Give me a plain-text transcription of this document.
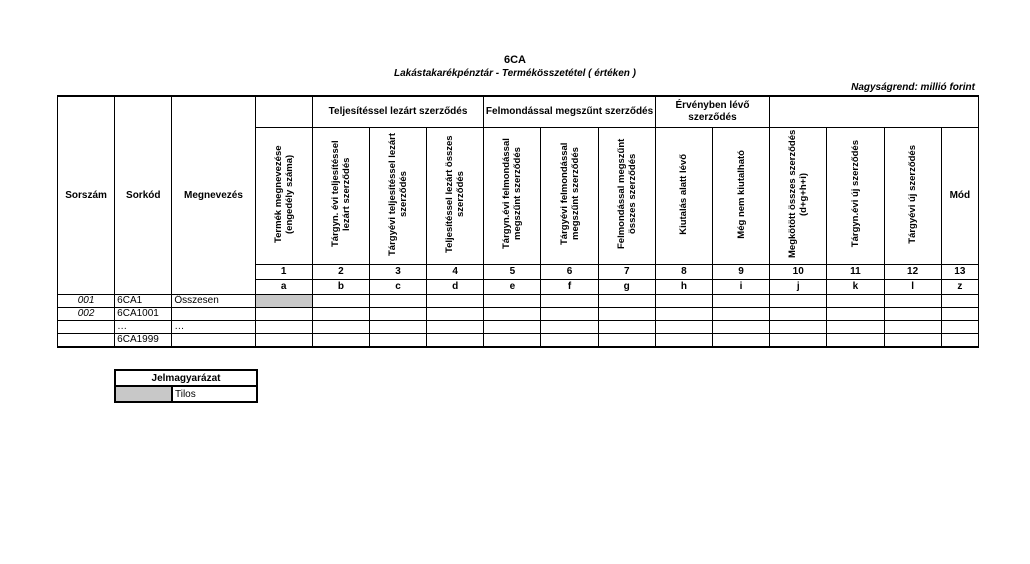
6CA
Lakástakarékpénztár - Termékösszetétel ( értéken )
Nagyságrend: millió forint
Sorszám	Sorkód	Megnevezés		Teljesítéssel lezárt szerződés			Felmondással megszűnt szerződés			Érvényben lévő szerződés					
			Termék megnevezése (engedély száma)	Tárgyn. évi teljesítéssel lezárt szerződés	Tárgyévi teljesítéssel lezárt szerződés	Teljesítéssel lezárt összes szerződés	Tárgyn.évi felmondással megszűnt szerződés	Tárgyévi felmondással megszűnt szerződés	Felmondással megszűnt összes szerződés	Kiutalás alatt lévő	Még nem kiutalható	Megkötött összes szerződés (d+g+h+i)	Tárgyn.évi új szerződés	Tárgyévi új szerződés	Mód
			1	2	3	4	5	6	7	8	9	10	11	12	13
			a	b	c	d	e	f	g	h	i	j	k	l	z
001	6CA1	Összesen													
002	6CA1001														
	…	…													
	6CA1999														
Jelmagyarázat
	Tilos
